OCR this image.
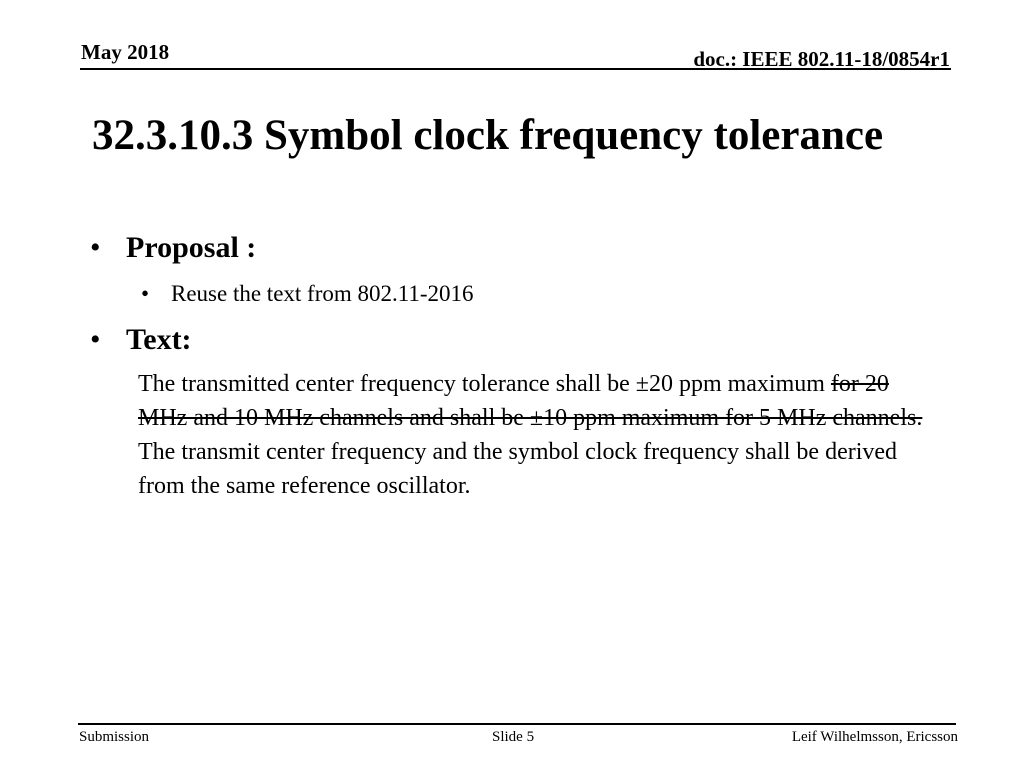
May 2018	doc.: IEEE 802.11-18/0854r1
32.3.10.3 Symbol clock frequency tolerance
• Proposal :
• Reuse the text from 802.11-2016
• Text:
The transmitted center frequency tolerance shall be ±20 ppm maximum for 20 MHz and 10 MHz channels and shall be ±10 ppm maximum for 5 MHz channels. The transmit center frequency and the symbol clock frequency shall be derived from the same reference oscillator.
Submission	Slide 5	Leif Wilhelmsson, Ericsson
